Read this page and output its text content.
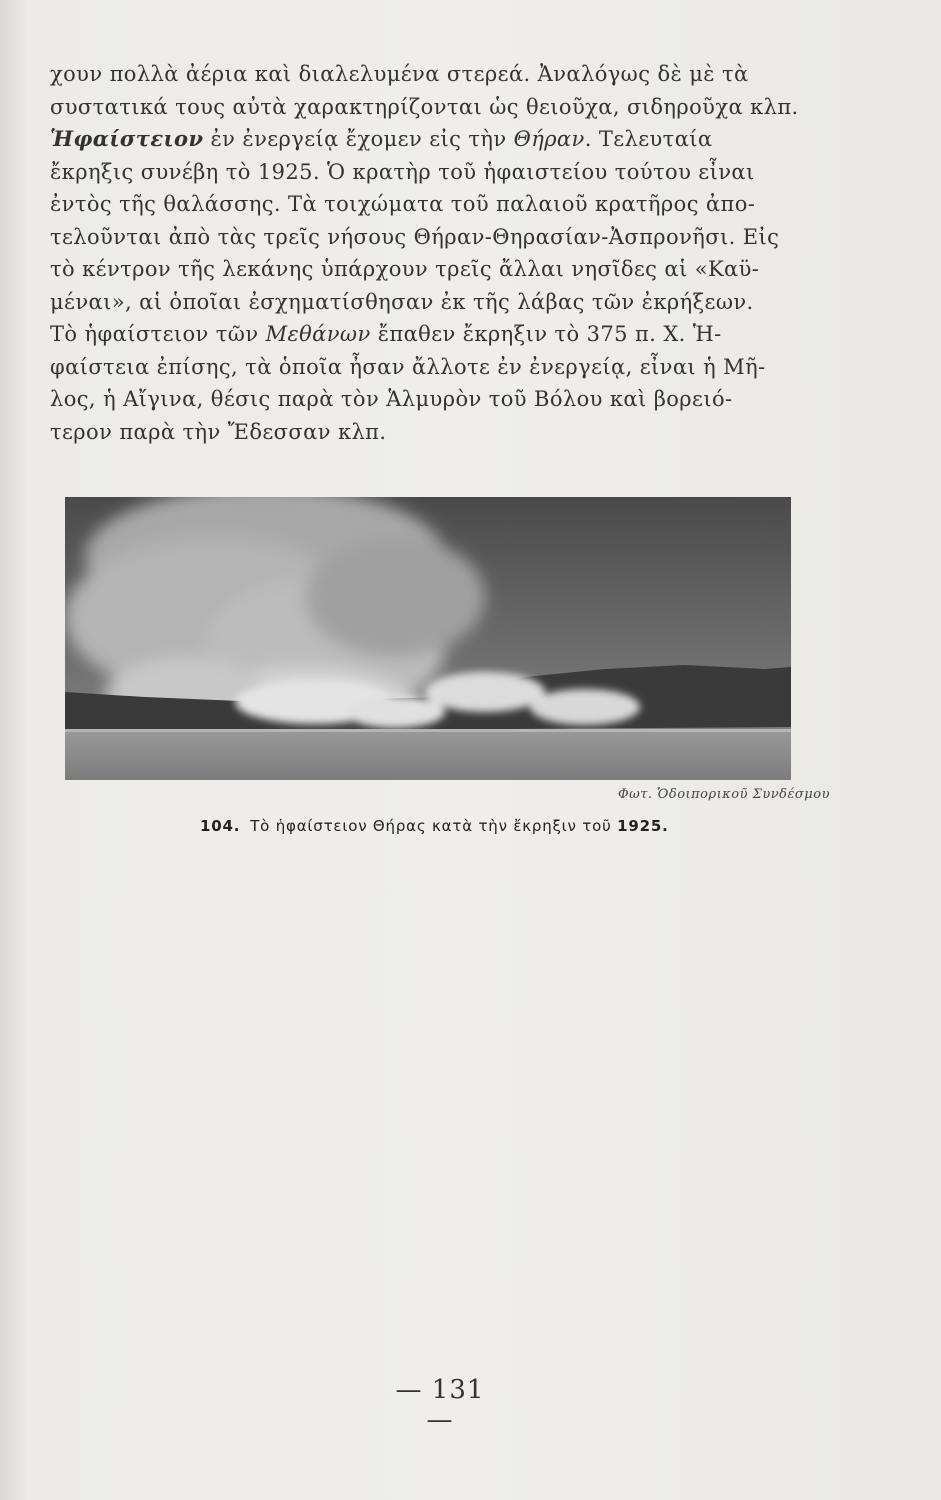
χουν πολλὰ ἀέρια καὶ διαλελυμένα στερεά. Ἀναλόγως δὲ μὲ τὰ
συστατικά τους αὐτὰ χαρακτηρίζονται ὡς θειοῦχα, σιδηροῦχα κλπ.
Ἡφαίστειον ἐν ἐνεργείᾳ ἔχομεν εἰς τὴν Θήραν. Τελευταία
ἔκρηξις συνέβη τὸ 1925. Ὁ κρατὴρ τοῦ ἡφαιστείου τούτου εἶναι
ἐντὸς τῆς θαλάσσης. Τὰ τοιχώματα τοῦ παλαιοῦ κρατῆρος ἀπο-
τελοῦνται ἀπὸ τὰς τρεῖς νήσους Θήραν-Θηρασίαν-Ἀσπρονῆσι. Εἰς
τὸ κέντρον τῆς λεκάνης ὑπάρχουν τρεῖς ἄλλαι νησῖδες αἱ «Καϋ-
μέναι», αἱ ὁποῖαι ἐσχηματίσθησαν ἐκ τῆς λάβας τῶν ἐκρήξεων.
Τὸ ἡφαίστειον τῶν Μεθάνων ἔπαθεν ἔκρηξιν τὸ 375 π. Χ. Ἡ-
φαίστεια ἐπίσης, τὰ ὁποῖα ἦσαν ἄλλοτε ἐν ἐνεργείᾳ, εἶναι ἡ Μῆ-
λος, ἡ Αἴγινα, θέσις παρὰ τὸν Ἁλμυρὸν τοῦ Βόλου καὶ βορειό-
τερον παρὰ τὴν Ἔδεσσαν κλπ.
Φωτ. Ὁδοιπορικοῦ Συνδέσμου
104. Τὸ ἡφαίστειον Θήρας κατὰ τὴν ἔκρηξιν τοῦ 1925.
— 131 —
